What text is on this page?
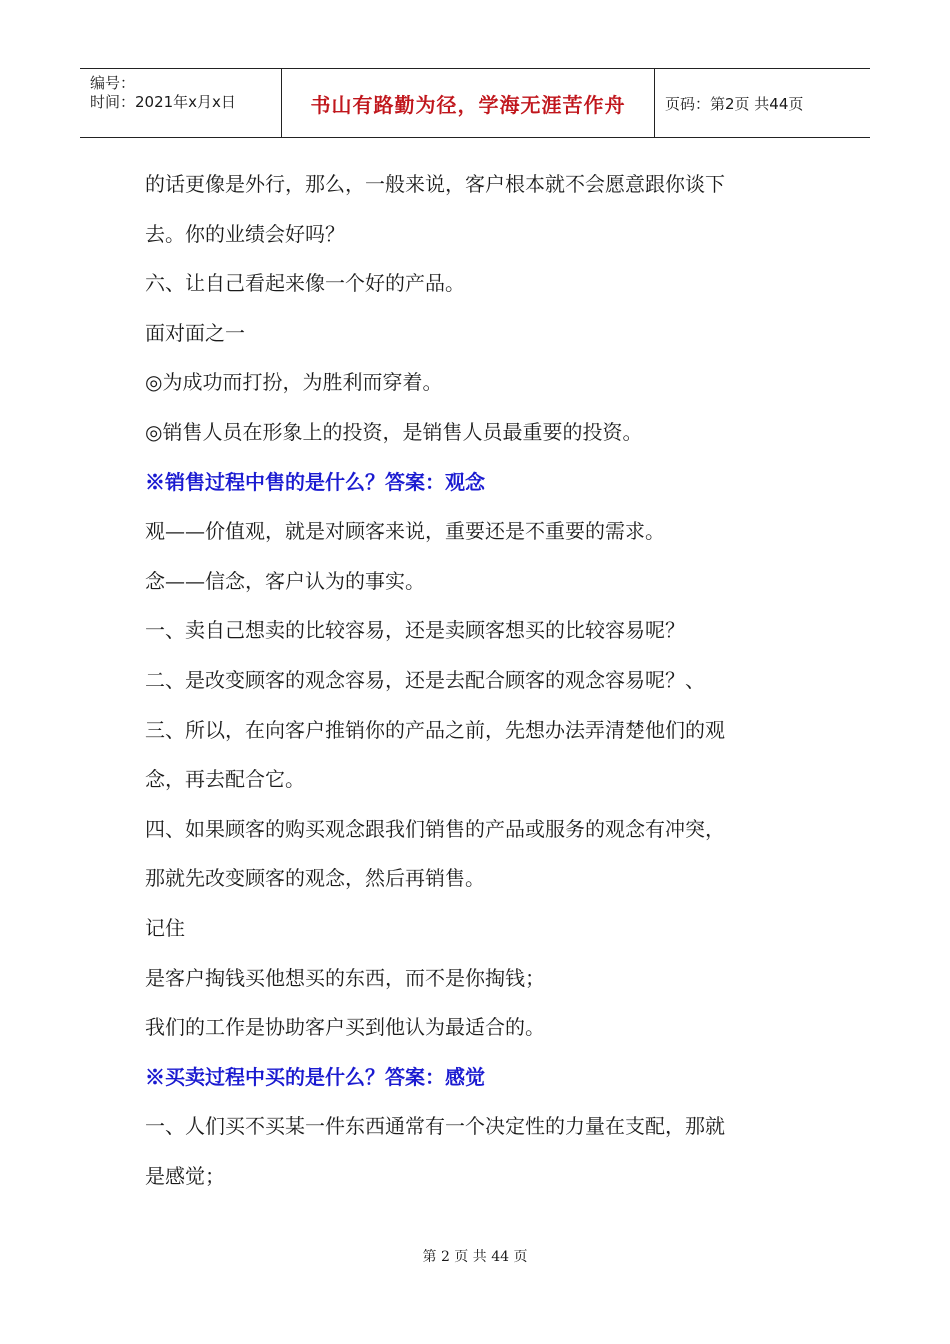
编号：
时间：2021年x月x日	书山有路勤为径，学海无涯苦作舟	页码：第2页 共44页
的话更像是外行，那么，一般来说，客户根本就不会愿意跟你谈下
去。你的业绩会好吗？
六、让自己看起来像一个好的产品。
面对面之一
◎为成功而打扮，为胜利而穿着。
◎销售人员在形象上的投资，是销售人员最重要的投资。
※销售过程中售的是什么？答案：观念
观——价值观，就是对顾客来说，重要还是不重要的需求。
念——信念，客户认为的事实。
一、卖自己想卖的比较容易，还是卖顾客想买的比较容易呢？
二、是改变顾客的观念容易，还是去配合顾客的观念容易呢？、
三、所以，在向客户推销你的产品之前，先想办法弄清楚他们的观
念，再去配合它。
四、如果顾客的购买观念跟我们销售的产品或服务的观念有冲突，
那就先改变顾客的观念，然后再销售。
记住
是客户掏钱买他想买的东西，而不是你掏钱；
我们的工作是协助客户买到他认为最适合的。
※买卖过程中买的是什么？答案：感觉
一、人们买不买某一件东西通常有一个决定性的力量在支配，那就
是感觉；
第 2 页 共 44 页
